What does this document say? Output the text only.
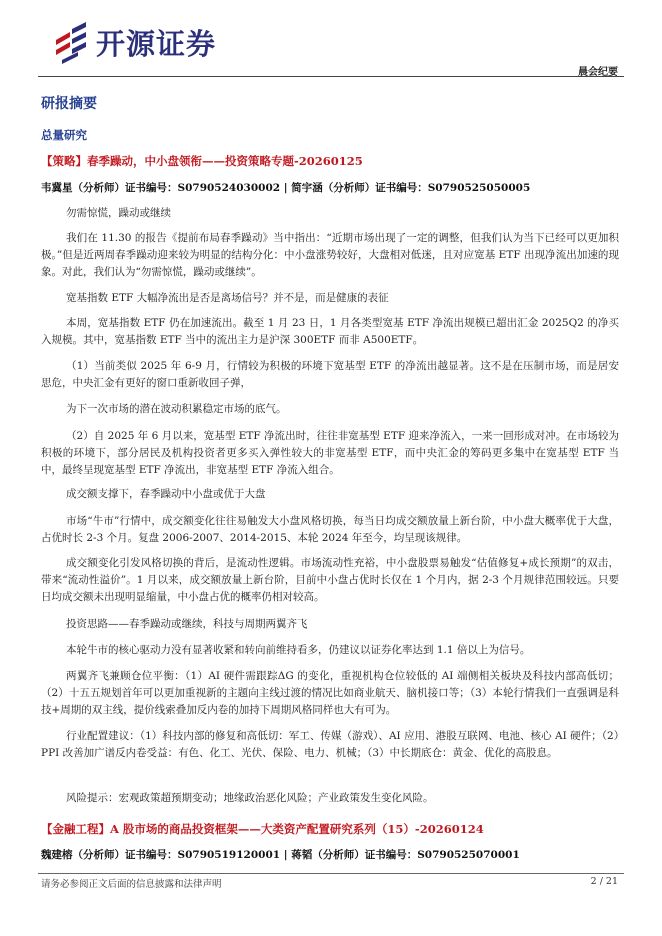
开源证券
晨会纪要
研报摘要
总量研究
【策略】春季躁动，中小盘领衔——投资策略专题-20260125
韦冀星（分析师）证书编号：S0790524030002 | 简宇涵（分析师）证书编号：S0790525050005

勿需惊慌，躁动或继续

我们在 11.30 的报告《提前布局春季躁动》当中指出：“近期市场出现了一定的调整，但我们认为当下已经可以更加积极。”但是近两周春季躁动迎来较为明显的结构分化：中小盘涨势较好，大盘相对低迷，且对应宽基 ETF 出现净流出加速的现象。对此，我们认为“勿需惊慌，躁动或继续”。

宽基指数 ETF 大幅净流出是否是离场信号？并不是，而是健康的表征

本周，宽基指数 ETF 仍在加速流出。截至 1 月 23 日，1 月各类型宽基 ETF 净流出规模已超出汇金 2025Q2 的净买入规模。其中，宽基指数 ETF 当中的流出主力是沪深 300ETF 而非 A500ETF。

（1）当前类似 2025 年 6-9 月，行情较为积极的环境下宽基型 ETF 的净流出越显著。这不是在压制市场，而是居安思危，中央汇金有更好的窗口重新收回子弹，

为下一次市场的潜在波动积累稳定市场的底气。

（2）自 2025 年 6 月以来，宽基型 ETF 净流出时，往往非宽基型 ETF 迎来净流入，一来一回形成对冲。在市场较为积极的环境下，部分居民及机构投资者更多买入弹性较大的非宽基型 ETF，而中央汇金的筹码更多集中在宽基型 ETF 当中，最终呈现宽基型 ETF 净流出，非宽基型 ETF 净流入组合。

成交额支撑下，春季躁动中小盘或优于大盘

市场“牛市”行情中，成交额变化往往易触发大小盘风格切换，每当日均成交额放量上新台阶，中小盘大概率优于大盘，占优时长 2-3 个月。复盘 2006-2007、2014-2015、本轮 2024 年至今，均呈现该规律。

成交额变化引发风格切换的背后，是流动性逻辑。市场流动性充裕，中小盘股票易触发“估值修复+成长预期”的双击，带来“流动性溢价”。1 月以来，成交额放量上新台阶，目前中小盘占优时长仅在 1 个月内，据 2-3 个月规律范围较远。只要日均成交额未出现明显缩量，中小盘占优的概率仍相对较高。

投资思路——春季躁动或继续，科技与周期两翼齐飞

本轮牛市的核心驱动力没有显著收紧和转向前维持看多，仍建议以证券化率达到 1.1 倍以上为信号。

两翼齐飞兼顾仓位平衡：（1）AI 硬件需跟踪ΔG 的变化，重视机构仓位较低的 AI 端侧相关板块及科技内部高低切；（2）十五五规划首年可以更加重视新的主题向主线过渡的情况比如商业航天、脑机接口等；（3）本轮行情我们一直强调是科技+周期的双主线，提价线索叠加反内卷的加持下周期风格同样也大有可为。

行业配置建议：（1）科技内部的修复和高低切：军工、传媒（游戏）、AI 应用、港股互联网、电池、核心 AI 硬件；（2）PPI 改善加广谱反内卷受益：有色、化工、光伏、保险、电力、机械；（3）中长期底仓：黄金、优化的高股息。

风险提示：宏观政策超预期变动；地缘政治恶化风险；产业政策发生变化风险。

【金融工程】A 股市场的商品投资框架——大类资产配置研究系列（15）-20260124
魏建榕（分析师）证书编号：S0790519120001 | 蒋韬（分析师）证书编号：S0790525070001
请务必参阅正文后面的信息披露和法律声明	2 / 21
